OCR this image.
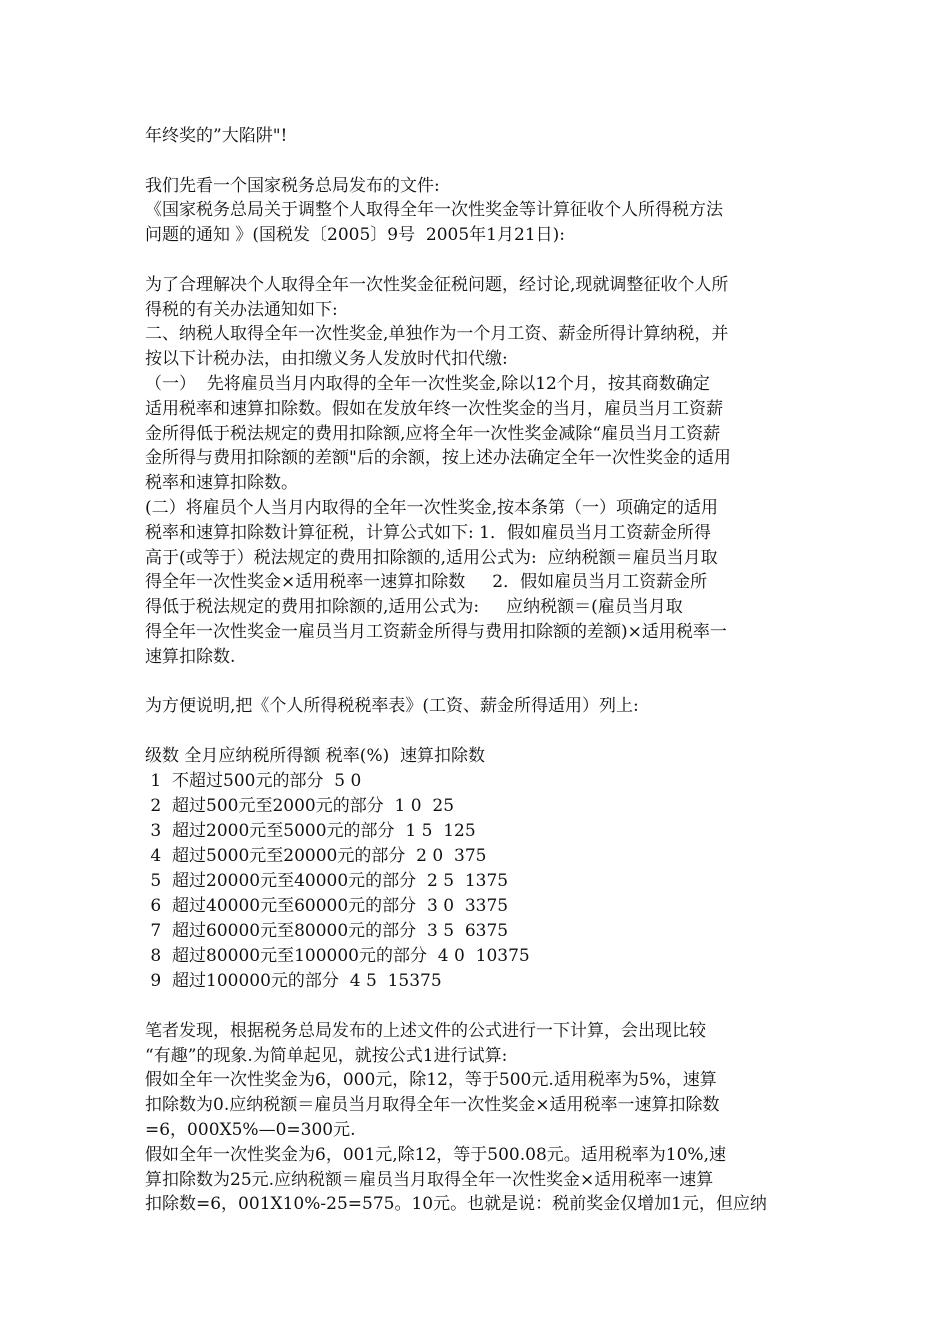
年终奖的”大陷阱"!
我们先看一个国家税务总局发布的文件:
《国家税务总局关于调整个人取得全年一次性奖金等计算征收个人所得税方法
问题的通知 》(国税发〔2005〕9号  2005年1月21日):
为了合理解决个人取得全年一次性奖金征税问题，经讨论,现就调整征收个人所
得税的有关办法通知如下:
二、纳税人取得全年一次性奖金,单独作为一个月工资、薪金所得计算纳税，并
按以下计税办法，由扣缴义务人发放时代扣代缴:
（一）  先将雇员当月内取得的全年一次性奖金,除以12个月，按其商数确定
适用税率和速算扣除数。假如在发放年终一次性奖金的当月，雇员当月工资薪
金所得低于税法规定的费用扣除额,应将全年一次性奖金减除“雇员当月工资薪
金所得与费用扣除额的差额"后的余额，按上述办法确定全年一次性奖金的适用
税率和速算扣除数。
(二）将雇员个人当月内取得的全年一次性奖金,按本条第（一）项确定的适用
税率和速算扣除数计算征税，计算公式如下: 1．假如雇员当月工资薪金所得
高于(或等于）税法规定的费用扣除额的,适用公式为:  应纳税额＝雇员当月取
得全年一次性奖金×适用税率一速算扣除数     2．假如雇员当月工资薪金所
得低于税法规定的费用扣除额的,适用公式为:     应纳税额＝(雇员当月取
得全年一次性奖金一雇员当月工资薪金所得与费用扣除额的差额)×适用税率一
速算扣除数.
为方便说明,把《个人所得税税率表》(工资、薪金所得适用）列上:
级数 全月应纳税所得额 税率(%)  速算扣除数
1  不超过500元的部分  5 0
2  超过500元至2000元的部分  1 0  25
3  超过2000元至5000元的部分  1 5  125
4  超过5000元至20000元的部分  2 0  375
5  超过20000元至40000元的部分  2 5  1375
6  超过40000元至60000元的部分  3 0  3375
7  超过60000元至80000元的部分  3 5  6375
8  超过80000元至100000元的部分  4 0  10375
9  超过100000元的部分  4 5  15375
笔者发现，根据税务总局发布的上述文件的公式进行一下计算，会出现比较
“有趣”的现象.为简单起见，就按公式1进行试算:
假如全年一次性奖金为6，000元，除12，等于500元.适用税率为5%，速算
扣除数为0.应纳税额＝雇员当月取得全年一次性奖金×适用税率一速算扣除数
=6，000X5%—0=300元.
假如全年一次性奖金为6，001元,除12，等于500.08元。适用税率为10%,速
算扣除数为25元.应纳税额＝雇员当月取得全年一次性奖金×适用税率一速算
扣除数=6，001X10%-25=575。10元。也就是说：税前奖金仅增加1元，但应纳
